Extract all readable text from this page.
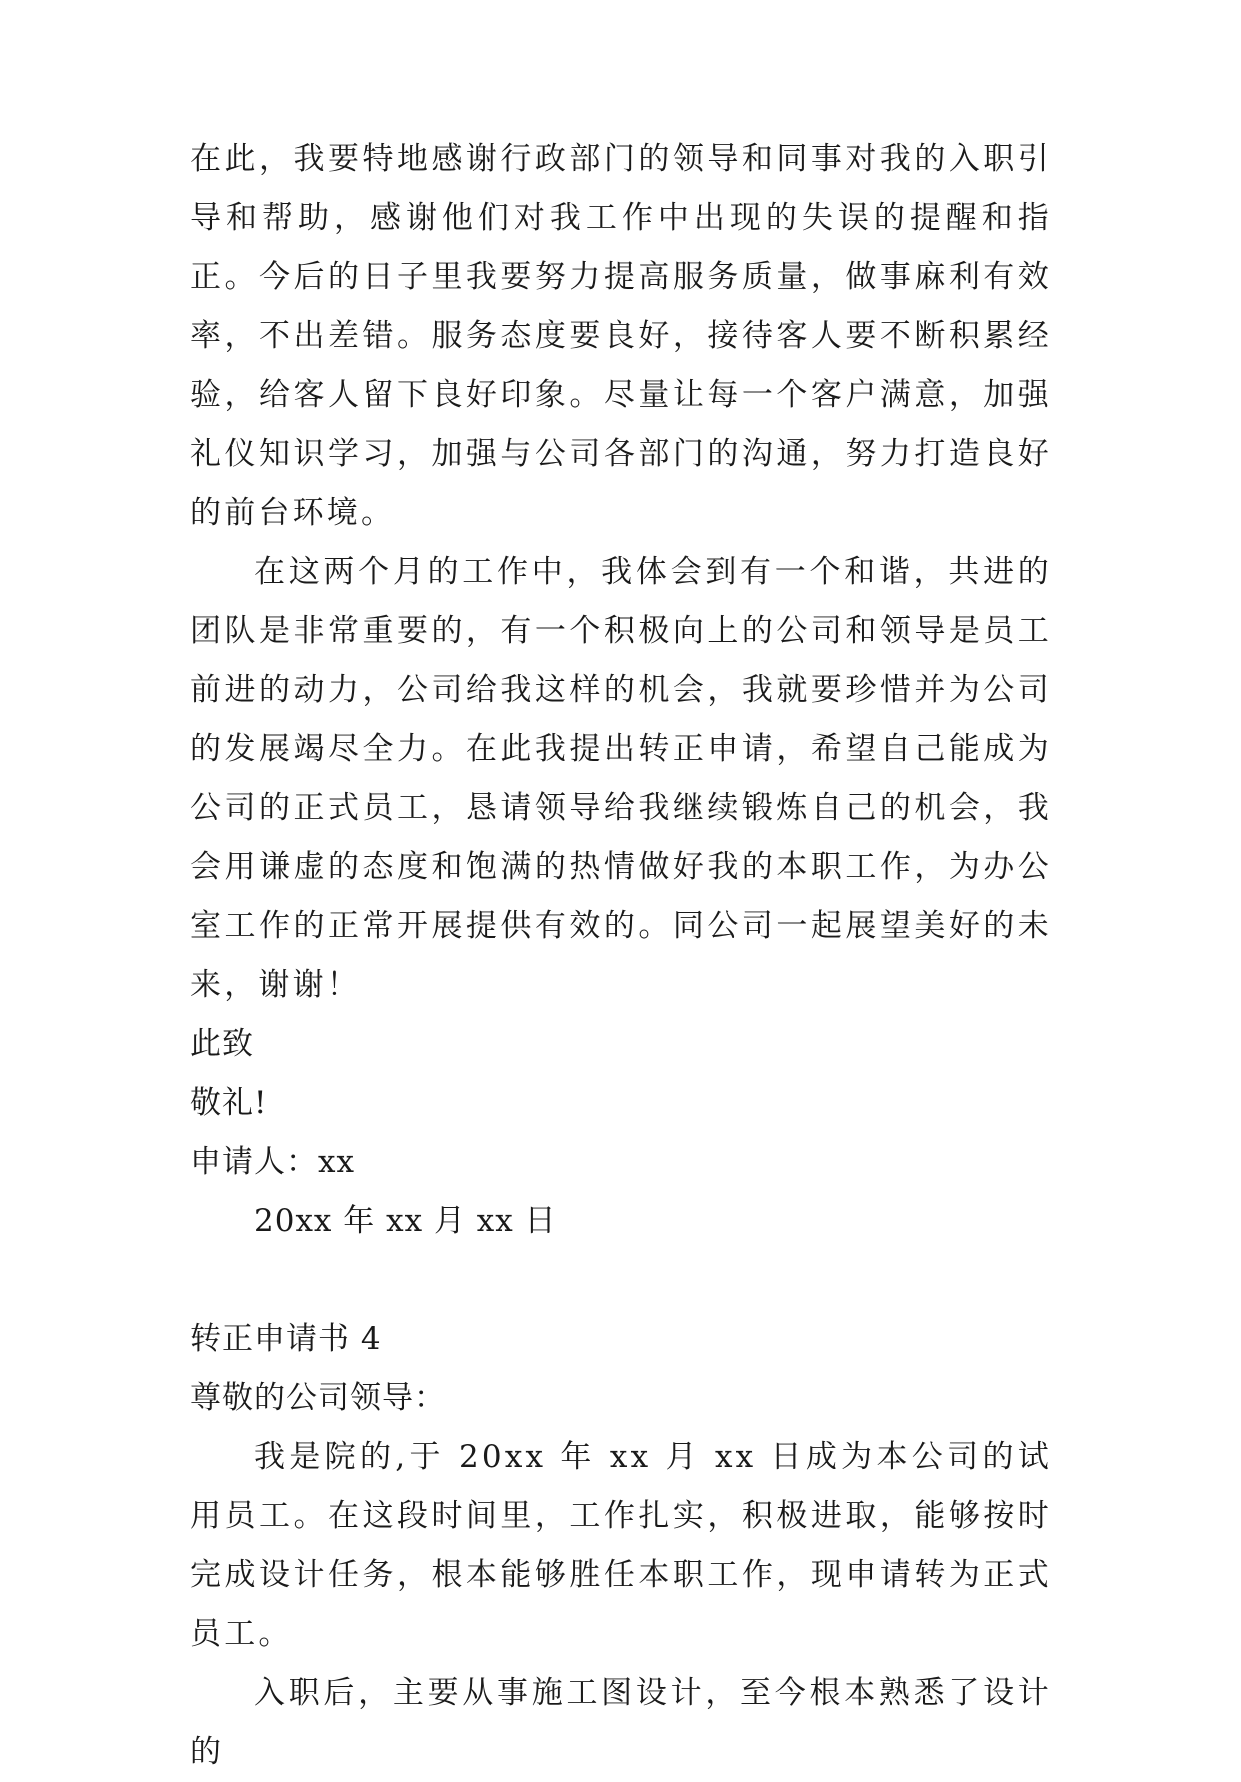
在此，我要特地感谢行政部门的领导和同事对我的入职引导和帮助，感谢他们对我工作中出现的失误的提醒和指正。今后的日子里我要努力提高服务质量，做事麻利有效率，不出差错。服务态度要良好，接待客人要不断积累经验，给客人留下良好印象。尽量让每一个客户满意，加强礼仪知识学习，加强与公司各部门的沟通，努力打造良好的前台环境。

在这两个月的工作中，我体会到有一个和谐，共进的团队是非常重要的，有一个积极向上的公司和领导是员工前进的动力，公司给我这样的机会，我就要珍惜并为公司的发展竭尽全力。在此我提出转正申请，希望自己能成为公司的正式员工，恳请领导给我继续锻炼自己的机会，我会用谦虚的态度和饱满的热情做好我的本职工作，为办公室工作的正常开展提供有效的。同公司一起展望美好的未来，谢谢！

此致

敬礼!

申请人：xx

20xx 年 xx 月 xx 日

转正申请书 4

尊敬的公司领导：

我是院的,于 20xx 年 xx 月 xx 日成为本公司的试用员工。在这段时间里，工作扎实，积极进取，能够按时完成设计任务，根本能够胜任本职工作，现申请转为正式员工。

入职后，主要从事施工图设计，至今根本熟悉了设计的
